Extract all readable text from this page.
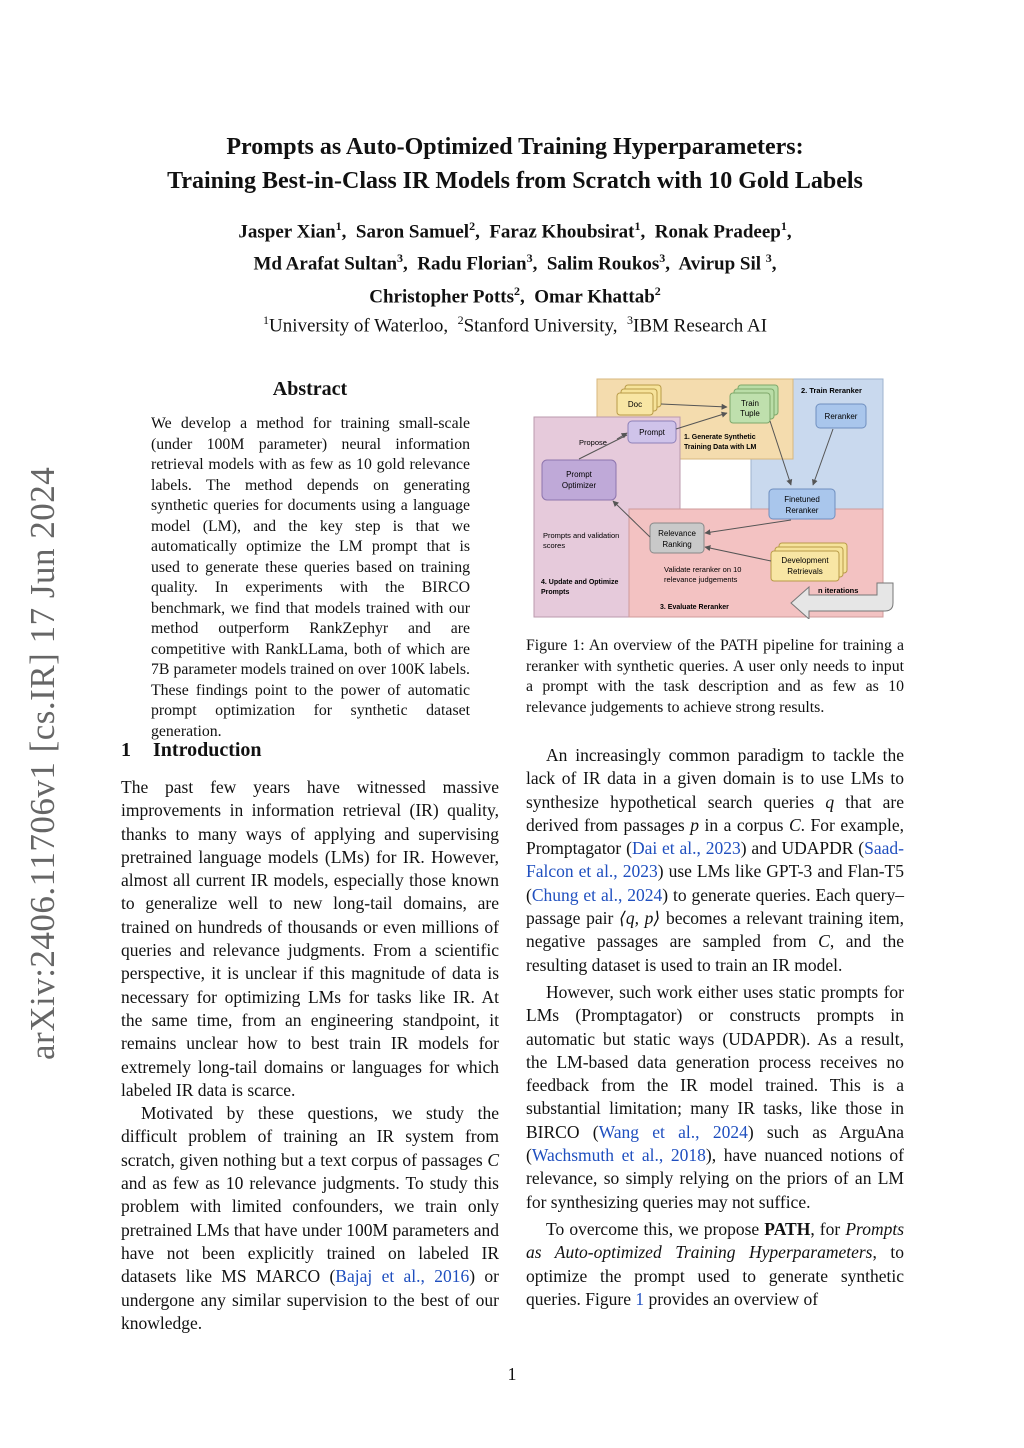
arXiv:2406.11706v1 [cs.IR] 17 Jun 2024
Prompts as Auto-Optimized Training Hyperparameters:
Training Best-in-Class IR Models from Scratch with 10 Gold Labels
Jasper Xian$^1$,  Saron Samuel$^2$,  Faraz Khoubsirat$^1$,  Ronak Pradeep$^1$,
Md Arafat Sultan$^3$,  Radu Florian$^3$,  Salim Roukos$^3$,  Avirup Sil $^3$,
Christopher Potts$^2$,  Omar Khattab$^2$
$^1$University of Waterloo,  $^2$Stanford University,  $^3$IBM Research AI
Abstract
We develop a method for training small-scale (under 100M parameter) neural information retrieval models with as few as 10 gold relevance labels. The method depends on generating synthetic queries for documents using a language model (LM), and the key step is that we automatically optimize the LM prompt that is used to generate these queries based on training quality. In experiments with the BIRCO benchmark, we find that models trained with our method outperform RankZephyr and are competitive with RankLLama, both of which are 7B parameter models trained on over 100K labels. These findings point to the power of automatic prompt optimization for synthetic dataset generation.
1 Introduction

The past few years have witnessed massive improvements in information retrieval (IR) quality, thanks to many ways of applying and supervising pretrained language models (LMs) for IR. However, almost all current IR models, especially those known to generalize well to new long-tail domains, are trained on hundreds of thousands or even millions of queries and relevance judgments. From a scientific perspective, it is unclear if this magnitude of data is necessary for optimizing LMs for tasks like IR. At the same time, from an engineering standpoint, it remains unclear how to best train IR models for extremely long-tail domains or languages for which labeled IR data is scarce.

Motivated by these questions, we study the difficult problem of training an IR system from scratch, given nothing but a text corpus of passages C and as few as 10 relevance judgments. To study this problem with limited confounders, we train only pretrained LMs that have under 100M parameters and have not been explicitly trained on labeled IR datasets like MS MARCO (Bajaj et al., 2016) or undergone any similar supervision to the best of our knowledge.

Doc	Train
Tuple
2. Train Reranker
Reranker
Prompt
Propose
1. Generate Synthetic
Training Data with LM
Prompt
Optimizer
Finetuned
Reranker
Prompts and validation
scores
Relevance
Ranking
Validate reranker on 10
relevance judgements
Development
Retrievals
4. Update and Optimize
Prompts
3. Evaluate Reranker
n iterations
Figure 1: An overview of the PATH pipeline for training a reranker with synthetic queries. A user only needs to input a prompt with the task description and as few as 10 relevance judgements to achieve strong results.

An increasingly common paradigm to tackle the lack of IR data in a given domain is to use LMs to synthesize hypothetical search queries q that are derived from passages p in a corpus C. For example, Promptagator (Dai et al., 2023) and UDAPDR (Saad-Falcon et al., 2023) use LMs like GPT-3 and Flan-T5 (Chung et al., 2024) to generate queries. Each query–passage pair ⟨q, p⟩ becomes a relevant training item, negative passages are sampled from C, and the resulting dataset is used to train an IR model.

However, such work either uses static prompts for LMs (Promptagator) or constructs prompts in automatic but static ways (UDAPDR). As a result, the LM-based data generation process receives no feedback from the IR model trained. This is a substantial limitation; many IR tasks, like those in BIRCO (Wang et al., 2024) such as ArguAna (Wachsmuth et al., 2018), have nuanced notions of relevance, so simply relying on the priors of an LM for synthesizing queries may not suffice.

To overcome this, we propose PATH, for Prompts as Auto-optimized Training Hyperparameters, to optimize the prompt used to generate synthetic queries. Figure 1 provides an overview of

1
